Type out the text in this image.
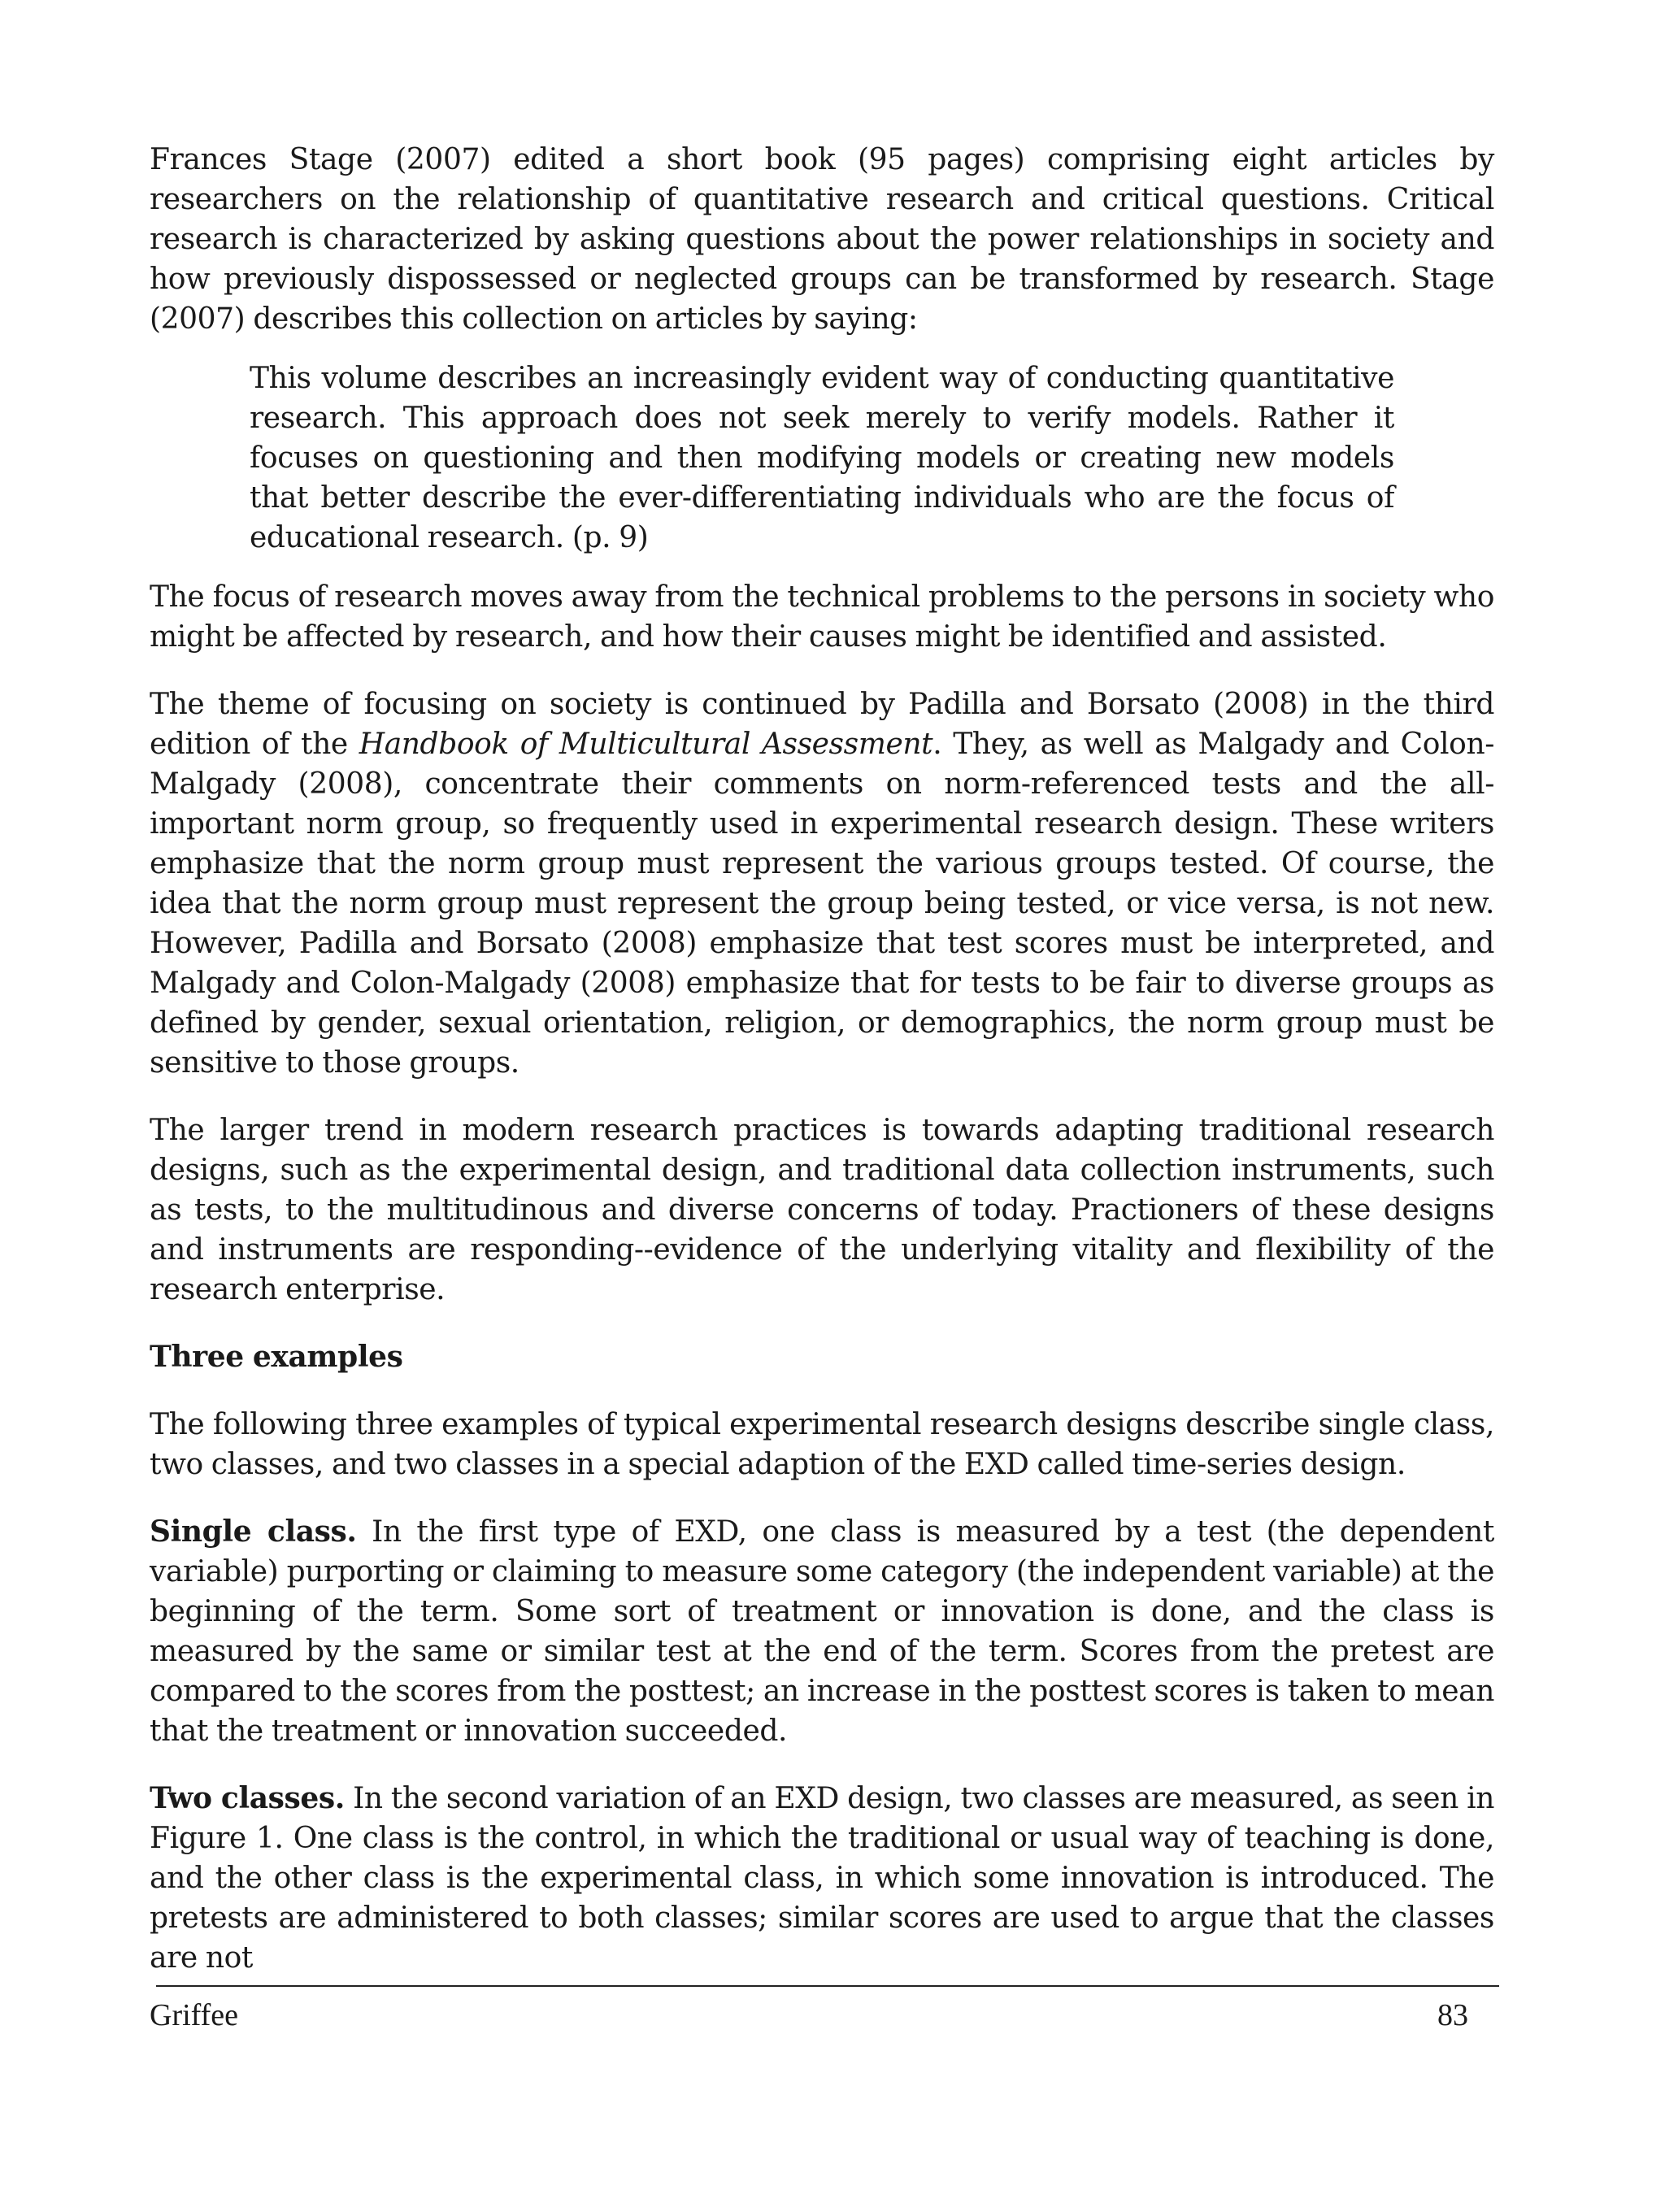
Frances Stage (2007) edited a short book (95 pages) comprising eight articles by researchers on the relationship of quantitative research and critical questions. Critical research is characterized by asking questions about the power relationships in society and how previously dispossessed or neglected groups can be transformed by research. Stage (2007) describes this collection on articles by saying:

This volume describes an increasingly evident way of conducting quantitative research. This approach does not seek merely to verify models. Rather it focuses on questioning and then modifying models or creating new models that better describe the ever-differentiating individuals who are the focus of educational research. (p. 9)

The focus of research moves away from the technical problems to the persons in society who might be affected by research, and how their causes might be identified and assisted.

The theme of focusing on society is continued by Padilla and Borsato (2008) in the third edition of the Handbook of Multicultural Assessment. They, as well as Malgady and Colon-Malgady (2008), concentrate their comments on norm-referenced tests and the all-important norm group, so frequently used in experimental research design. These writers emphasize that the norm group must represent the various groups tested. Of course, the idea that the norm group must represent the group being tested, or vice versa, is not new. However, Padilla and Borsato (2008) emphasize that test scores must be interpreted, and Malgady and Colon-Malgady (2008) emphasize that for tests to be fair to diverse groups as defined by gender, sexual orientation, religion, or demographics, the norm group must be sensitive to those groups.

The larger trend in modern research practices is towards adapting traditional research designs, such as the experimental design, and traditional data collection instruments, such as tests, to the multitudinous and diverse concerns of today. Practioners of these designs and instruments are responding--evidence of the underlying vitality and flexibility of the research enterprise.

Three examples

The following three examples of typical experimental research designs describe single class, two classes, and two classes in a special adaption of the EXD called time-series design.

Single class. In the first type of EXD, one class is measured by a test (the dependent variable) purporting or claiming to measure some category (the independent variable) at the beginning of the term. Some sort of treatment or innovation is done, and the class is measured by the same or similar test at the end of the term. Scores from the pretest are compared to the scores from the posttest; an increase in the posttest scores is taken to mean that the treatment or innovation succeeded.

Two classes. In the second variation of an EXD design, two classes are measured, as seen in Figure 1. One class is the control, in which the traditional or usual way of teaching is done, and the other class is the experimental class, in which some innovation is introduced. The pretests are administered to both classes; similar scores are used to argue that the classes are not

Griffee	83
